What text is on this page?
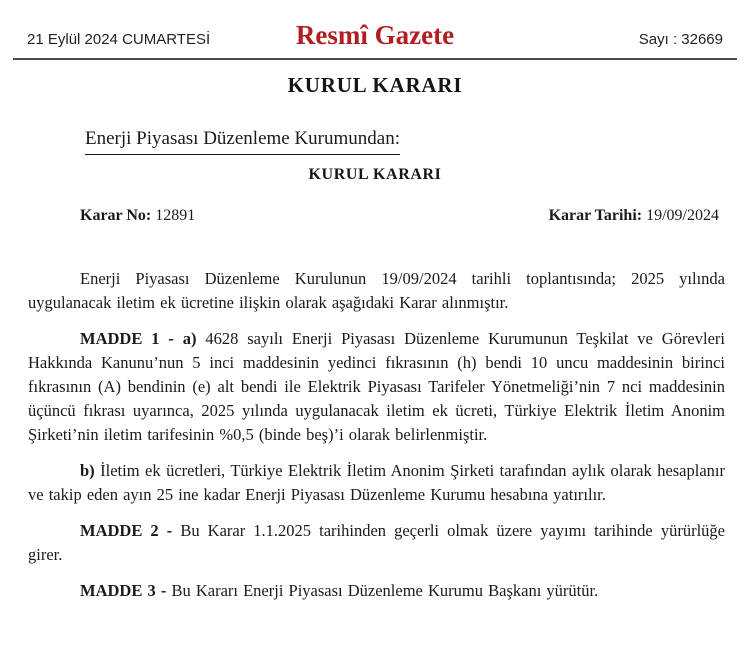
21 Eylül 2024 CUMARTESİ	Resmî Gazete	Sayı : 32669
KURUL KARARI

Enerji Piyasası Düzenleme Kurumundan:

KURUL KARARI
Karar No: 12891	Karar Tarihi: 19/09/2024

Enerji Piyasası Düzenleme Kurulunun 19/09/2024 tarihli toplantısında; 2025 yılında uygulanacak iletim ek ücretine ilişkin olarak aşağıdaki Karar alınmıştır.

MADDE 1 - a) 4628 sayılı Enerji Piyasası Düzenleme Kurumunun Teşkilat ve Görevleri Hakkında Kanunu’nun 5 inci maddesinin yedinci fıkrasının (h) bendi 10 uncu maddesinin birinci fıkrasının (A) bendinin (e) alt bendi ile Elektrik Piyasası Tarifeler Yönetmeliği’nin 7 nci maddesinin üçüncü fıkrası uyarınca, 2025 yılında uygulanacak iletim ek ücreti, Türkiye Elektrik İletim Anonim Şirketi’nin iletim tarifesinin %0,5 (binde beş)’i olarak belirlenmiştir.

b) İletim ek ücretleri, Türkiye Elektrik İletim Anonim Şirketi tarafından aylık olarak hesaplanır ve takip eden ayın 25 ine kadar Enerji Piyasası Düzenleme Kurumu hesabına yatırılır.

MADDE 2 - Bu Karar 1.1.2025 tarihinden geçerli olmak üzere yayımı tarihinde yürürlüğe girer.

MADDE 3 - Bu Kararı Enerji Piyasası Düzenleme Kurumu Başkanı yürütür.
